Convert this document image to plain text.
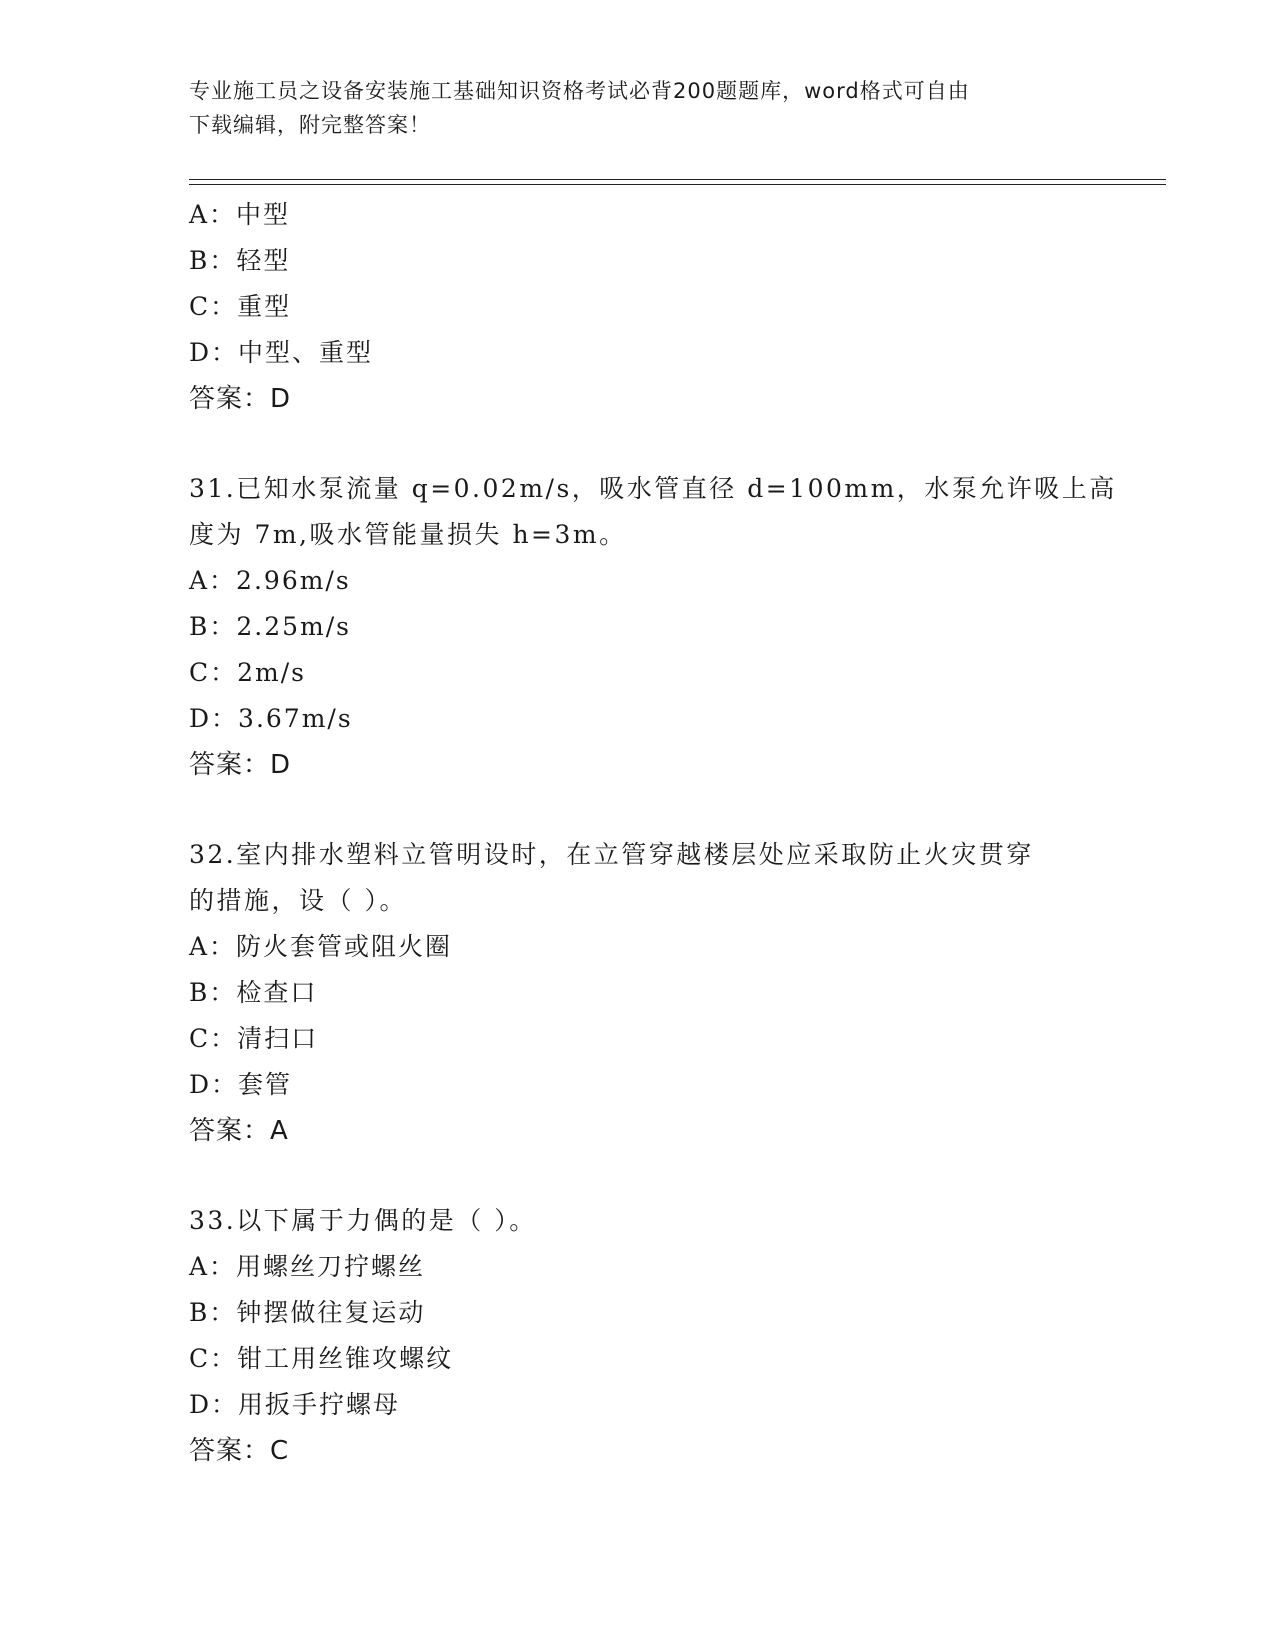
专业施工员之设备安装施工基础知识资格考试必背200题题库，word格式可自由
下载编辑，附完整答案！
A：中型
B：轻型
C：重型
D：中型、重型
答案：D
31.已知水泵流量 q=0.02m/s，吸水管直径 d=100mm，水泵允许吸上高
度为 7m,吸水管能量损失 h=3m。
A：2.96m/s
B：2.25m/s
C：2m/s
D：3.67m/s
答案：D
32.室内排水塑料立管明设时，在立管穿越楼层处应采取防止火灾贯穿
的措施，设（ ）。
A：防火套管或阻火圈
B：检查口
C：清扫口
D：套管
答案：A
33.以下属于力偶的是（ ）。
A：用螺丝刀拧螺丝
B：钟摆做往复运动
C：钳工用丝锥攻螺纹
D：用扳手拧螺母
答案：C
